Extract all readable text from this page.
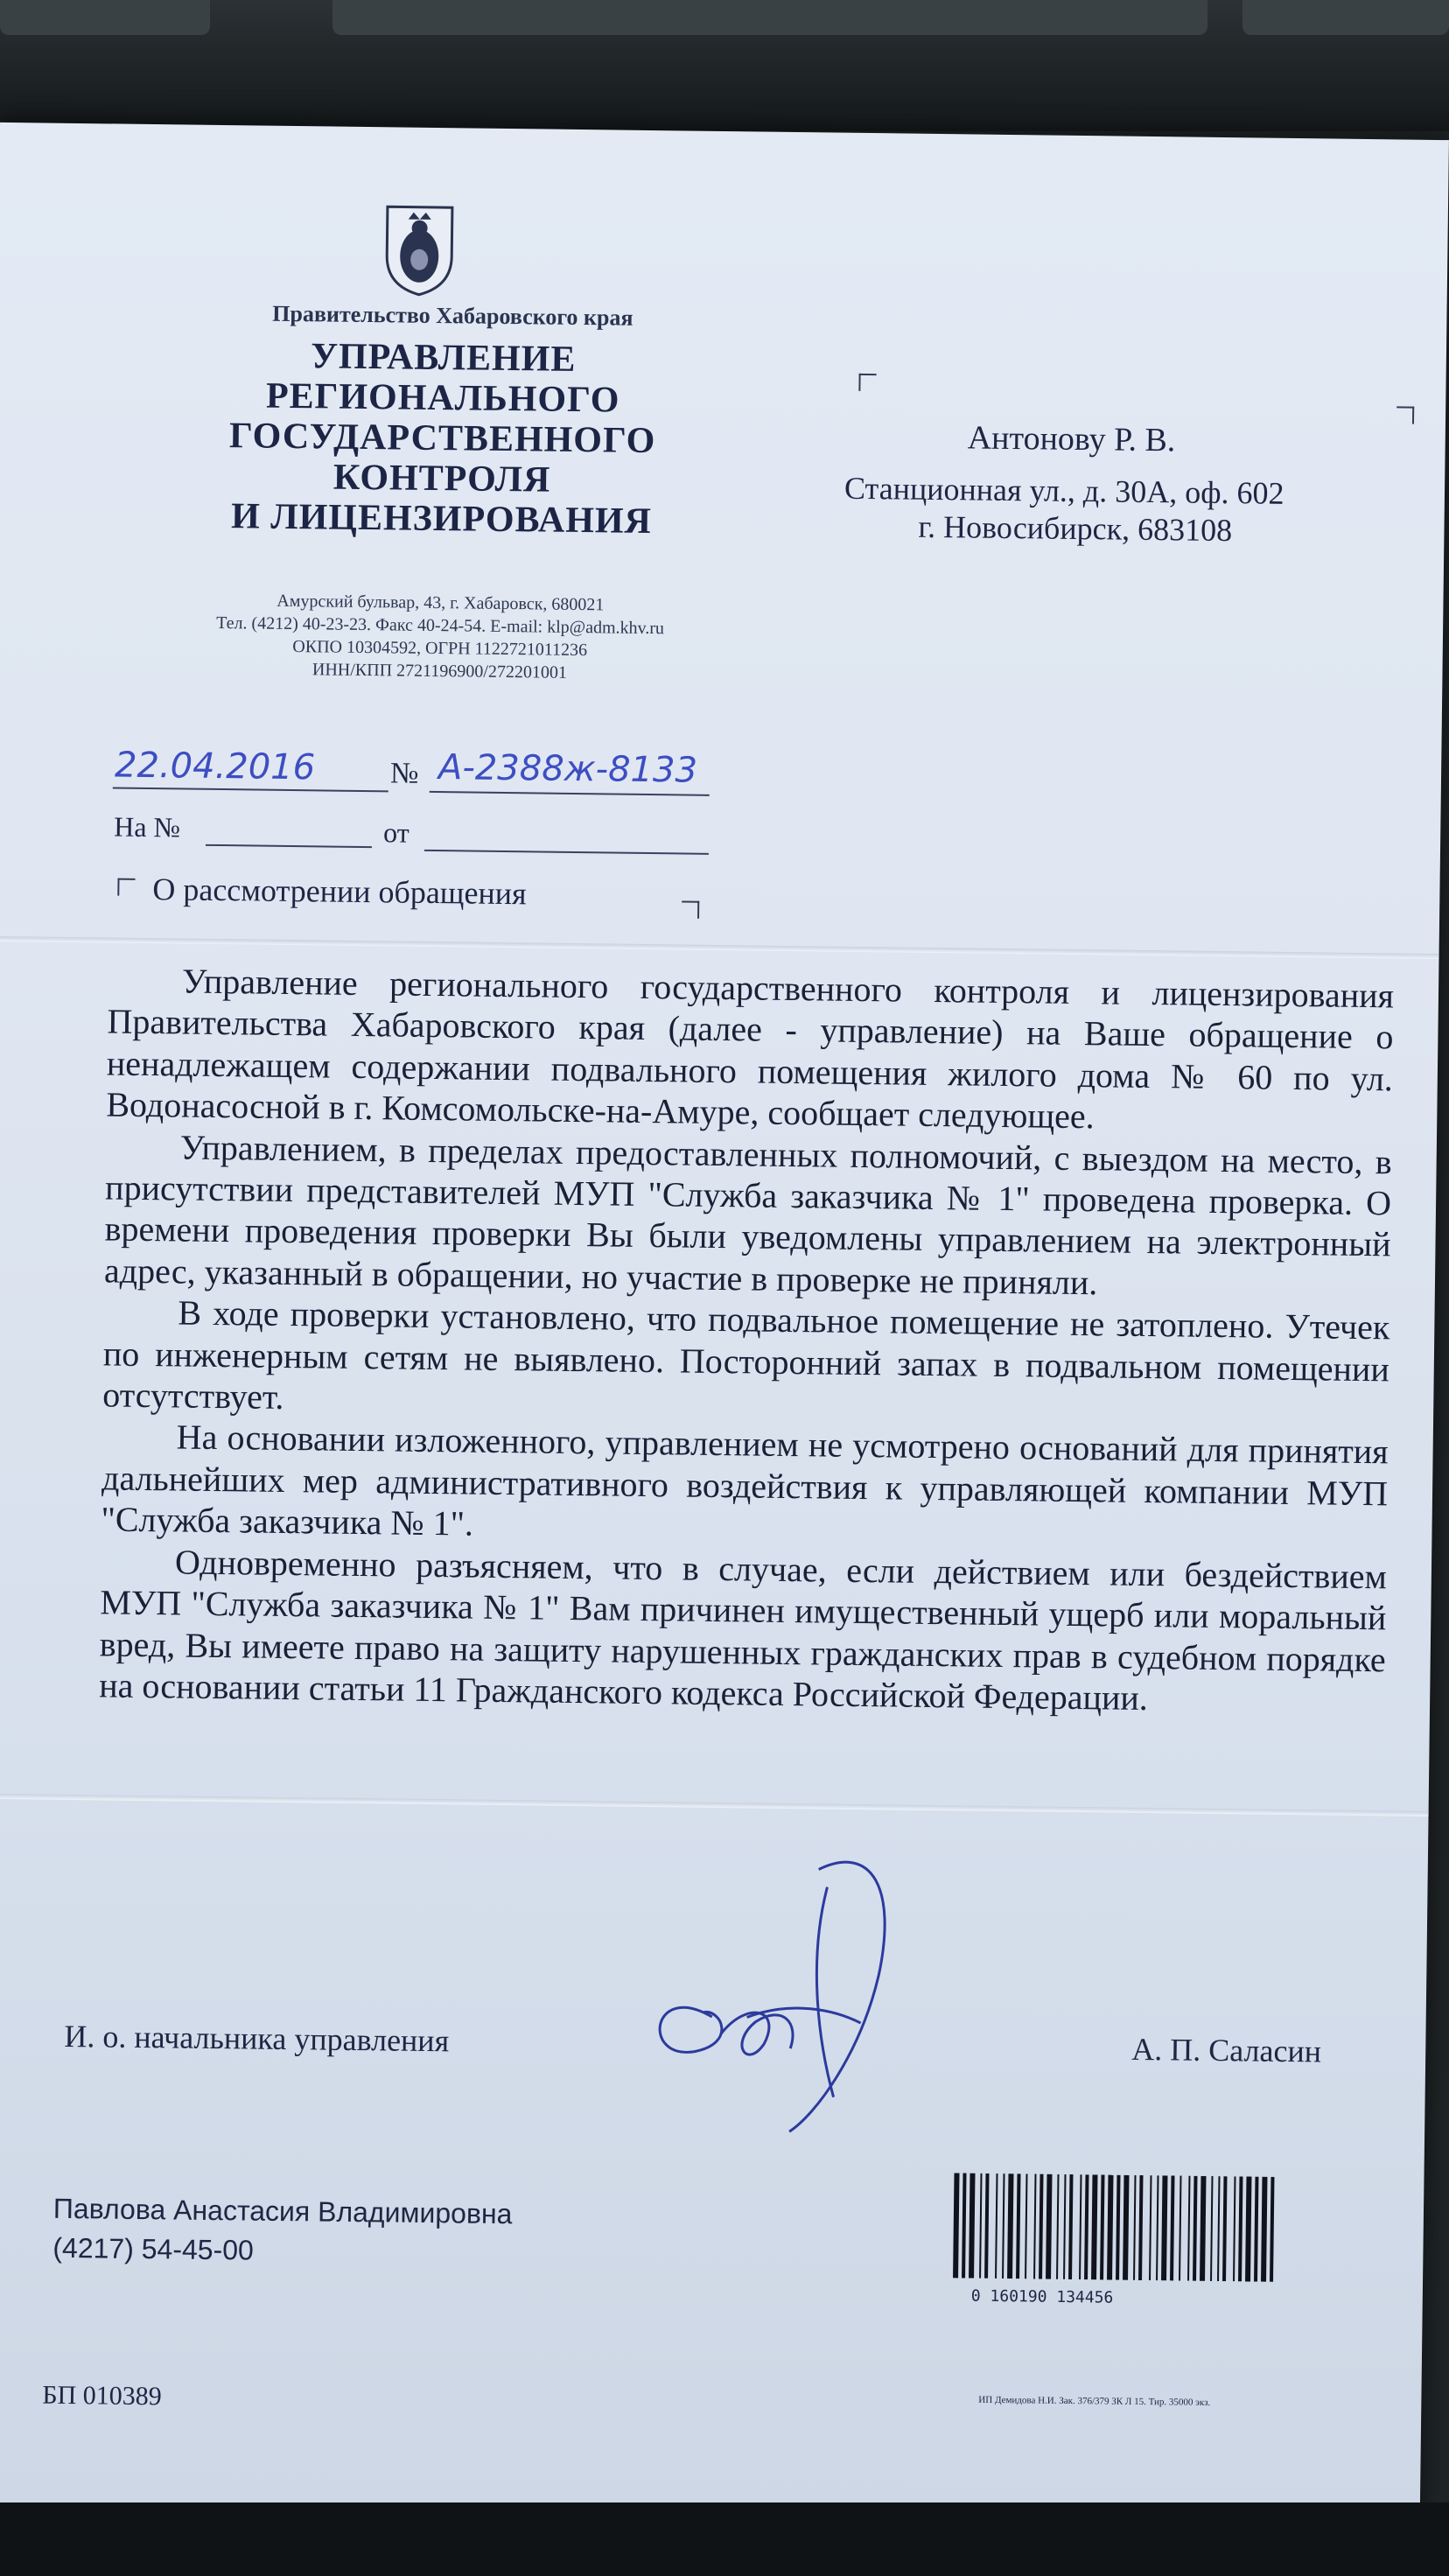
Правительство Хабаровского края
УПРАВЛЕНИЕ
РЕГИОНАЛЬНОГО
ГОСУДАРСТВЕННОГО
КОНТРОЛЯ
И ЛИЦЕНЗИРОВАНИЯ
Амурский бульвар, 43, г. Хабаровск, 680021
Тел. (4212) 40-23-23. Факс 40-24-54. E-mail: klp@adm.khv.ru
ОКПО 10304592, ОГРН 1122721011236
ИНН/КПП 2721196900/272201001
Антонову Р. В.
Станционная ул., д. 30А, оф. 602
г. Новосибирск, 683108
22.04.2016	№ А-2388ж-8133
На №	от
О рассмотрении обращения

Управление регионального государственного контроля и лицензирования Правительства Хабаровского края (далее - управление) на Ваше обращение о ненадлежащем содержании подвального помещения жилого дома № 60 по ул. Водонасосной в г. Комсомольске-на-Амуре, сообщает следующее.

Управлением, в пределах предоставленных полномочий, с выездом на место, в присутствии представителей МУП "Служба заказчика № 1" проведена проверка. О времени проведения проверки Вы были уведомлены управлением на электронный адрес, указанный в обращении, но участие в проверке не приняли.

В ходе проверки установлено, что подвальное помещение не затоплено. Утечек по инженерным сетям не выявлено. Посторонний запах в подвальном помещении отсутствует.

На основании изложенного, управлением не усмотрено оснований для принятия дальнейших мер административного воздействия к управляющей компании МУП "Служба заказчика № 1".

Одновременно разъясняем, что в случае, если действием или бездействием МУП "Служба заказчика № 1" Вам причинен имущественный ущерб или моральный вред, Вы имеете право на защиту нарушенных гражданских прав в судебном порядке на основании статьи 11 Гражданского кодекса Российской Федерации.

И. о. начальника управления	А. П. Саласин
Павлова Анастасия Владимировна
(4217) 54-45-00
0 160190 134456
БП 010389	ИП Демидова Н.И. Зак. 376/379 ЗК Л 15. Тир. 35000 экз.
